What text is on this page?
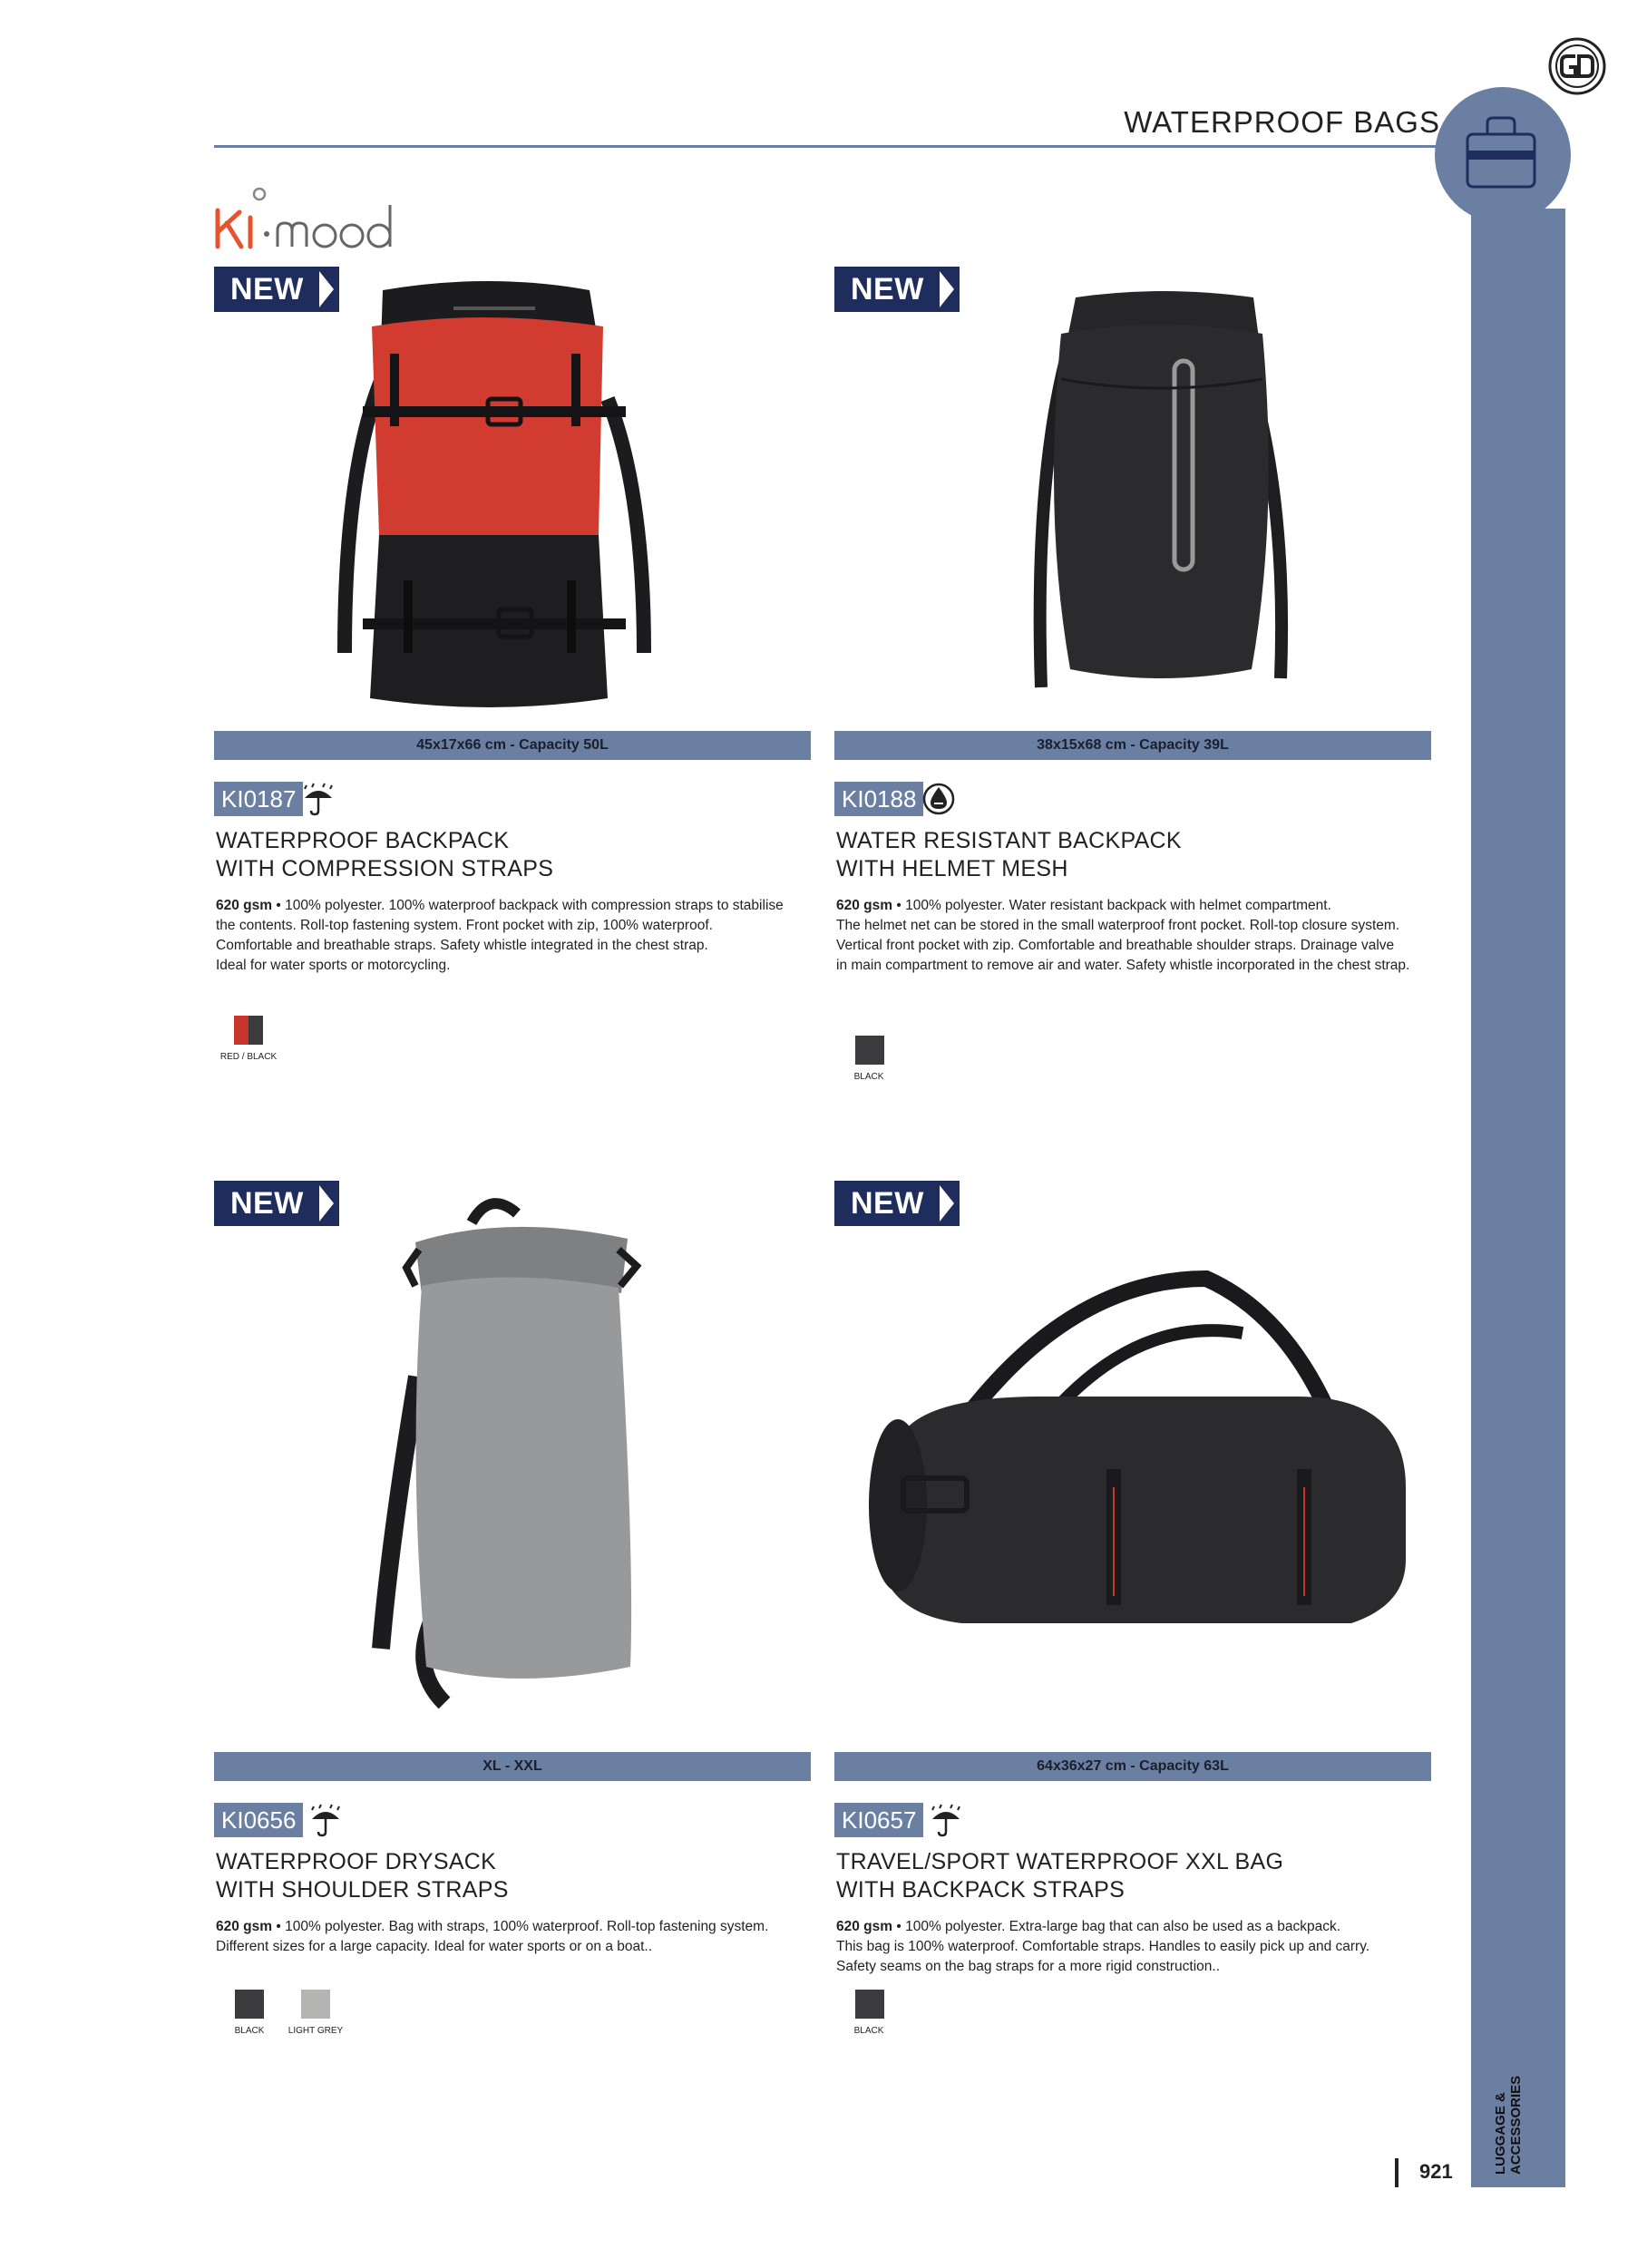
WATERPROOF BAGS
LUGGAGE & ACCESSORIES
921
NEW
45x17x66 cm - Capacity 50L
KI0187
WATERPROOF BACKPACK
WITH COMPRESSION STRAPS
620 gsm • 100% polyester. 100% waterproof backpack with compression straps to stabilise
the contents. Roll-top fastening system. Front pocket with zip, 100% waterproof.
Comfortable and breathable straps. Safety whistle integrated in the chest strap.
Ideal for water sports or motorcycling.
RED / BLACK
NEW
38x15x68 cm - Capacity 39L
KI0188
WATER RESISTANT BACKPACK
WITH HELMET MESH
620 gsm • 100% polyester. Water resistant backpack with helmet compartment.
The helmet net can be stored in the small waterproof front pocket. Roll-top closure system.
Vertical front pocket with zip. Comfortable and breathable shoulder straps. Drainage valve
in main compartment to remove air and water. Safety whistle incorporated in the chest strap.
BLACK
NEW
XL - XXL
KI0656
WATERPROOF DRYSACK
WITH SHOULDER STRAPS
620 gsm • 100% polyester. Bag with straps, 100% waterproof. Roll-top fastening system.
Different sizes for a large capacity. Ideal for water sports or on a boat..
BLACK	LIGHT GREY
NEW
64x36x27 cm - Capacity 63L
KI0657
TRAVEL/SPORT WATERPROOF XXL BAG
WITH BACKPACK STRAPS
620 gsm • 100% polyester. Extra-large bag that can also be used as a backpack.
This bag is 100% waterproof. Comfortable straps. Handles to easily pick up and carry.
Safety seams on the bag straps for a more rigid construction..
BLACK
